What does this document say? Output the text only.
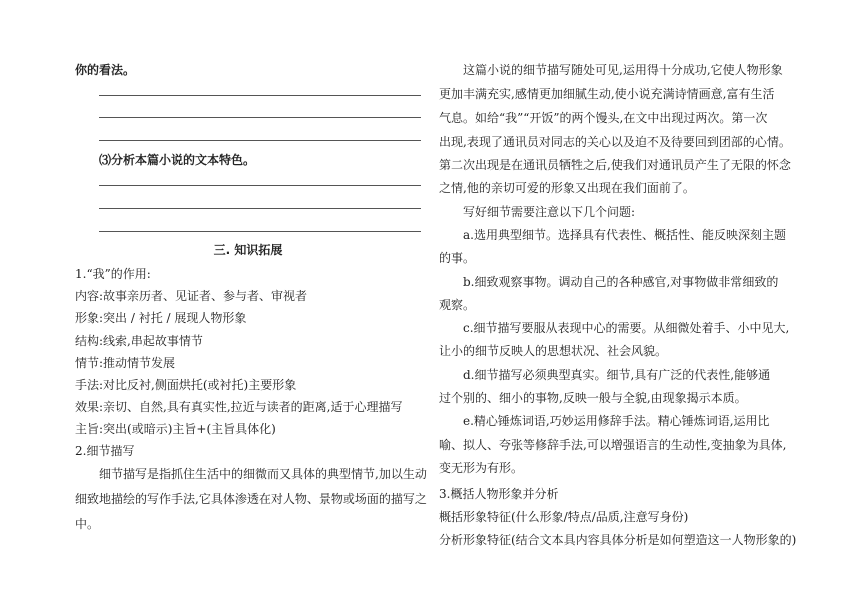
你的看法。
⑶分析本篇小说的文本特色。
三. 知识拓展
1.“我”的作用:
内容:故事亲历者、见证者、参与者、审视者
形象:突出 / 衬托 / 展现人物形象
结构:线索,串起故事情节
情节:推动情节发展
手法:对比反衬,侧面烘托(或衬托)主要形象
效果:亲切、自然,具有真实性,拉近与读者的距离,适于心理描写
主旨:突出(或暗示)主旨+(主旨具体化)
2.细节描写
细节描写是指抓住生活中的细微而又具体的典型情节,加以生动
细致地描绘的写作手法,它具体渗透在对人物、景物或场面的描写之
中。
这篇小说的细节描写随处可见,运用得十分成功,它使人物形象
更加丰满充实,感情更加细腻生动,使小说充满诗情画意,富有生活
气息。如给“我”“开饭”的两个馒头,在文中出现过两次。第一次
出现,表现了通讯员对同志的关心以及迫不及待要回到团部的心情。
第二次出现是在通讯员牺牲之后,使我们对通讯员产生了无限的怀念
之情,他的亲切可爱的形象又出现在我们面前了。
写好细节需要注意以下几个问题:
a.选用典型细节。选择具有代表性、概括性、能反映深刻主题
的事。
b.细致观察事物。调动自己的各种感官,对事物做非常细致的
观察。
c.细节描写要服从表现中心的需要。从细微处着手、小中见大,
让小的细节反映人的思想状况、社会风貌。
d.细节描写必须典型真实。细节,具有广泛的代表性,能够通
过个别的、细小的事物,反映一般与全貌,由现象揭示本质。
e.精心锤炼词语,巧妙运用修辞手法。精心锤炼词语,运用比
喻、拟人、夸张等修辞手法,可以增强语言的生动性,变抽象为具体,
变无形为有形。
3.概括人物形象并分析
概括形象特征(什么形象/特点/品质,注意写身份)
分析形象特征(结合文本具内容具体分析是如何塑造这一人物形象的)
